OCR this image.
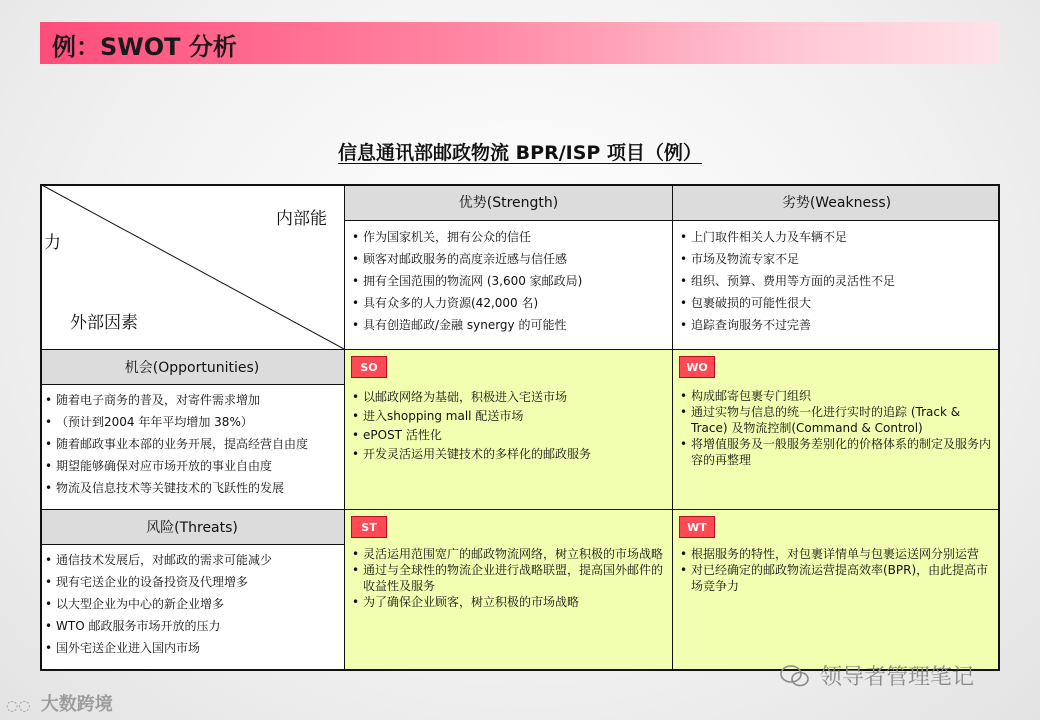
例：SWOT 分析
信息通讯部邮政物流 BPR/ISP 项目（例）
内部能
力
外部因素
优势(Strength)
• 作为国家机关，拥有公众的信任
• 顾客对邮政服务的高度亲近感与信任感
• 拥有全国范围的物流网 (3,600 家邮政局)
• 具有众多的人力资源(42,000 名)
• 具有创造邮政/金融 synergy 的可能性
劣势(Weakness)
• 上门取件相关人力及车辆不足
• 市场及物流专家不足
• 组织、预算、费用等方面的灵活性不足
• 包裹破损的可能性很大
• 追踪查询服务不过完善
机会(Opportunities)
• 随着电子商务的普及，对寄件需求增加
• （预计到2004 年年平均增加 38%）
• 随着邮政事业本部的业务开展，提高经营自由度
• 期望能够确保对应市场开放的事业自由度
• 物流及信息技术等关键技术的飞跃性的发展
SO
• 以邮政网络为基础，积极进入宅送市场
• 进入shopping mall 配送市场
• ePOST 活性化
• 开发灵活运用关键技术的多样化的邮政服务
WO
• 构成邮寄包裹专门组织
• 通过实物与信息的统一化进行实时的追踪 (Track & Trace) 及物流控制(Command & Control)
• 将增值服务及一般服务差别化的价格体系的制定及服务内容的再整理
风险(Threats)
• 通信技术发展后，对邮政的需求可能减少
• 现有宅送企业的设备投资及代理增多
• 以大型企业为中心的新企业增多
• WTO 邮政服务市场开放的压力
• 国外宅送企业进入国内市场
ST
• 灵活运用范围宽广的邮政物流网络，树立积极的市场战略
• 通过与全球性的物流企业进行战略联盟，提高国外邮件的收益性及服务
• 为了确保企业顾客，树立积极的市场战略
WT
• 根据服务的特性，对包裹详情单与包裹运送网分别运营
• 对已经确定的邮政物流运营提高效率(BPR)，由此提高市场竞争力
领导者管理笔记
◌◌ 大数跨境
